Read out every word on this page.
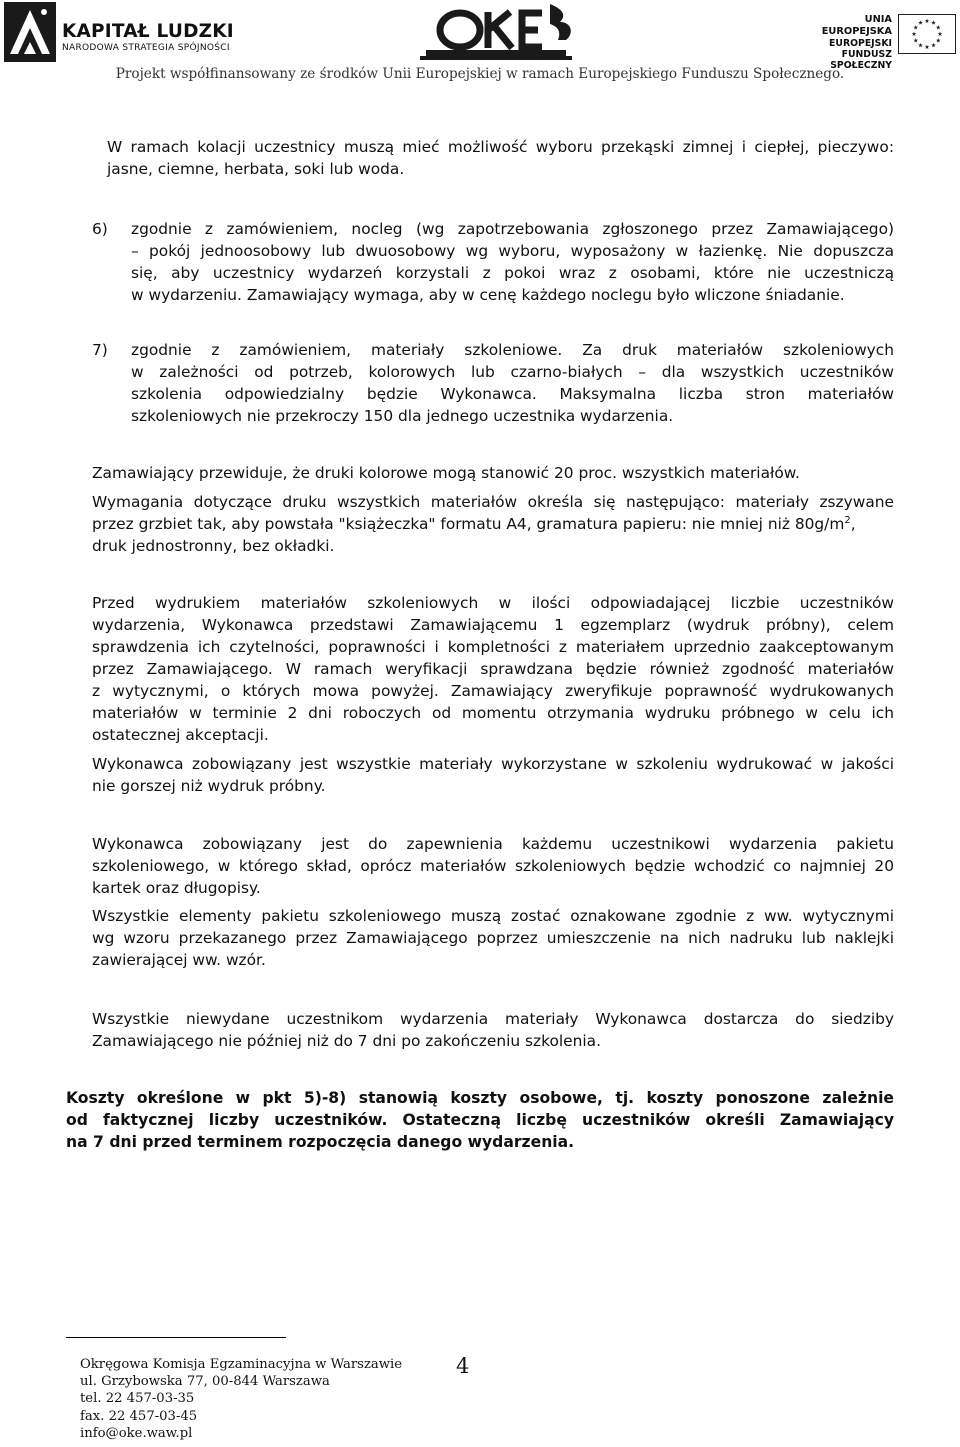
KAPITAŁ LUDZKI
NARODOWA STRATEGIA SPÓJNOŚCI
OKE
UNIA EUROPEJSKA
EUROPEJSKI
FUNDUSZ SPOŁECZNY
Projekt współfinansowany ze środków Unii Europejskiej w ramach Europejskiego Funduszu Społecznego.
W ramach kolacji uczestnicy muszą mieć możliwość wyboru przekąski zimnej i ciepłej, pieczywo:
jasne, ciemne, herbata, soki lub woda.
6) zgodnie z zamówieniem, nocleg (wg zapotrzebowania zgłoszonego przez Zamawiającego)
– pokój jednoosobowy lub dwuosobowy wg wyboru, wyposażony w łazienkę. Nie dopuszcza
się, aby uczestnicy wydarzeń korzystali z pokoi wraz z osobami, które nie uczestniczą
w wydarzeniu. Zamawiający wymaga, aby w cenę każdego noclegu było wliczone śniadanie.
7) zgodnie z zamówieniem, materiały szkoleniowe. Za druk materiałów szkoleniowych
w zależności od potrzeb, kolorowych lub czarno-białych – dla wszystkich uczestników
szkolenia odpowiedzialny będzie Wykonawca. Maksymalna liczba stron materiałów
szkoleniowych nie przekroczy 150 dla jednego uczestnika wydarzenia.
Zamawiający przewiduje, że druki kolorowe mogą stanowić 20 proc. wszystkich materiałów.
Wymagania dotyczące druku wszystkich materiałów określa się następująco: materiały zszywane
przez grzbiet tak, aby powstała "książeczka" formatu A4, gramatura papieru: nie mniej niż $80g/m^2$,
druk jednostronny, bez okładki.
Przed wydrukiem materiałów szkoleniowych w ilości odpowiadającej liczbie uczestników
wydarzenia, Wykonawca przedstawi Zamawiającemu 1 egzemplarz (wydruk próbny), celem
sprawdzenia ich czytelności, poprawności i kompletności z materiałem uprzednio zaakceptowanym
przez Zamawiającego. W ramach weryfikacji sprawdzana będzie również zgodność materiałów
z wytycznymi, o których mowa powyżej. Zamawiający zweryfikuje poprawność wydrukowanych
materiałów w terminie 2 dni roboczych od momentu otrzymania wydruku próbnego w celu ich
ostatecznej akceptacji.
Wykonawca zobowiązany jest wszystkie materiały wykorzystane w szkoleniu wydrukować w jakości
nie gorszej niż wydruk próbny.
Wykonawca zobowiązany jest do zapewnienia każdemu uczestnikowi wydarzenia pakietu
szkoleniowego, w którego skład, oprócz materiałów szkoleniowych będzie wchodzić co najmniej 20
kartek oraz długopisy.
Wszystkie elementy pakietu szkoleniowego muszą zostać oznakowane zgodnie z ww. wytycznymi
wg wzoru przekazanego przez Zamawiającego poprzez umieszczenie na nich nadruku lub naklejki
zawierającej ww. wzór.
Wszystkie niewydane uczestnikom wydarzenia materiały Wykonawca dostarcza do siedziby
Zamawiającego nie później niż do 7 dni po zakończeniu szkolenia.
Koszty określone w pkt 5)-8) stanowią koszty osobowe, tj. koszty ponoszone zależnie
od faktycznej liczby uczestników. Ostateczną liczbę uczestników określi Zamawiający
na 7 dni przed terminem rozpoczęcia danego wydarzenia.
4
Okręgowa Komisja Egzaminacyjna w Warszawie
ul. Grzybowska 77, 00-844 Warszawa
tel. 22 457-03-35
fax. 22 457-03-45
info@oke.waw.pl
